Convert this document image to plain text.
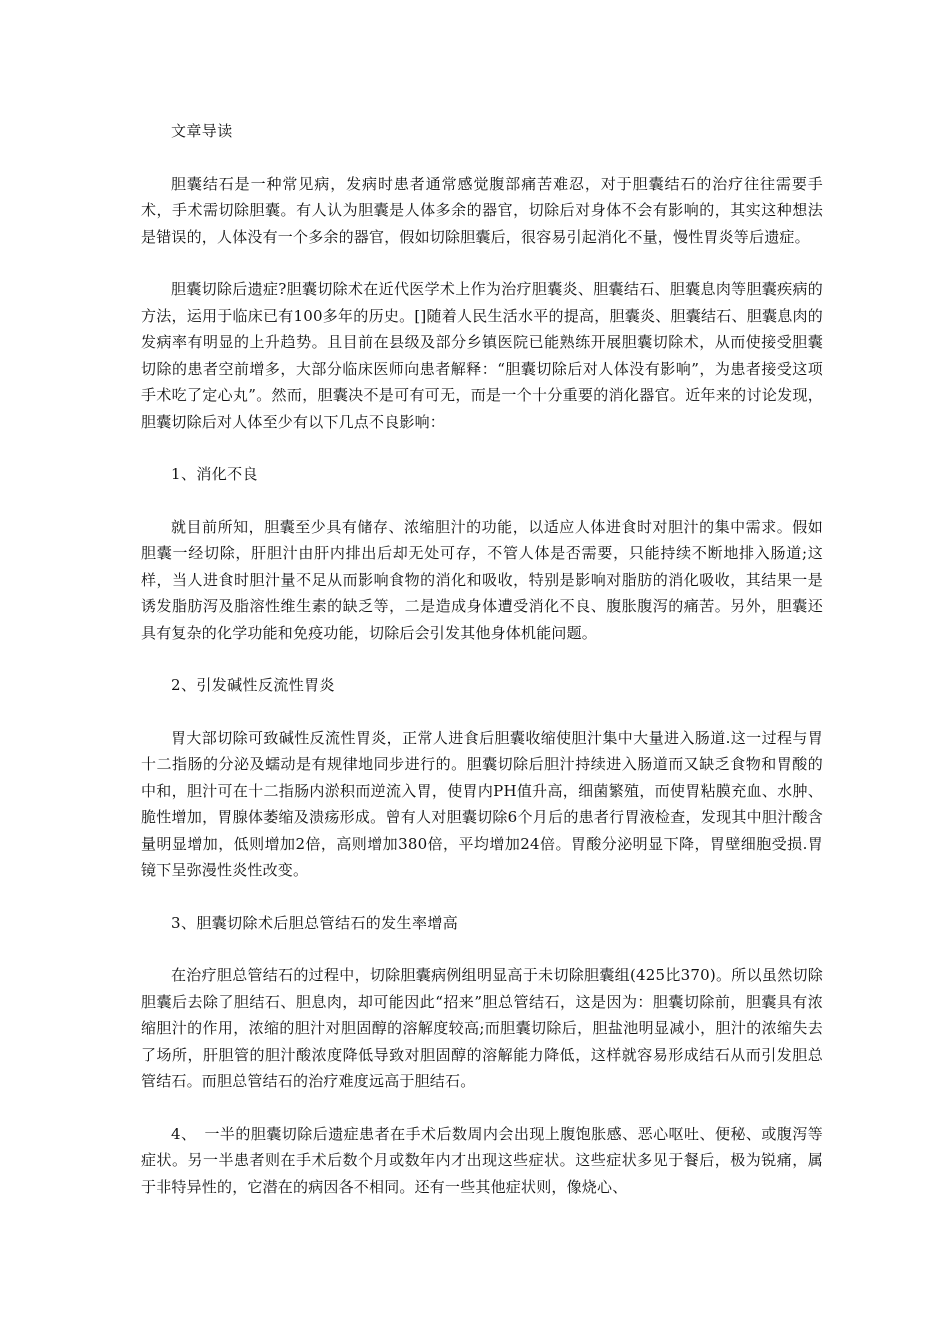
文章导读

胆囊结石是一种常见病，发病时患者通常感觉腹部痛苦难忍，对于胆囊结石的治疗往往需要手术，手术需切除胆囊。有人认为胆囊是人体多余的器官，切除后对身体不会有影响的，其实这种想法是错误的，人体没有一个多余的器官，假如切除胆囊后，很容易引起消化不量，慢性胃炎等后遗症。

胆囊切除后遗症?胆囊切除术在近代医学术上作为治疗胆囊炎、胆囊结石、胆囊息肉等胆囊疾病的方法，运用于临床已有100多年的历史。[]随着人民生活水平的提高，胆囊炎、胆囊结石、胆囊息肉的发病率有明显的上升趋势。且目前在县级及部分乡镇医院已能熟练开展胆囊切除术，从而使接受胆囊切除的患者空前增多，大部分临床医师向患者解释：“胆囊切除后对人体没有影响”，为患者接受这项手术吃了定心丸”。然而，胆囊决不是可有可无，而是一个十分重要的消化器官。近年来的讨论发现，胆囊切除后对人体至少有以下几点不良影响：

1、消化不良

就目前所知，胆囊至少具有储存、浓缩胆汁的功能，以适应人体进食时对胆汁的集中需求。假如胆囊一经切除，肝胆汁由肝内排出后却无处可存，不管人体是否需要，只能持续不断地排入肠道;这样，当人进食时胆汁量不足从而影响食物的消化和吸收，特别是影响对脂肪的消化吸收，其结果一是诱发脂肪泻及脂溶性维生素的缺乏等，二是造成身体遭受消化不良、腹胀腹泻的痛苦。另外，胆囊还具有复杂的化学功能和免疫功能，切除后会引发其他身体机能问题。

2、引发碱性反流性胃炎

胃大部切除可致碱性反流性胃炎，正常人进食后胆囊收缩使胆汁集中大量进入肠道.这一过程与胃十二指肠的分泌及蠕动是有规律地同步进行的。胆囊切除后胆汁持续进入肠道而又缺乏食物和胃酸的中和，胆汁可在十二指肠内淤积而逆流入胃，使胃内PH值升高，细菌繁殖，而使胃粘膜充血、水肿、脆性增加，胃腺体萎缩及溃疡形成。曾有人对胆囊切除6个月后的患者行胃液检查，发现其中胆汁酸含量明显增加，低则增加2倍，高则增加380倍，平均增加24倍。胃酸分泌明显下降，胃壁细胞受损.胃镜下呈弥漫性炎性改变。

3、胆囊切除术后胆总管结石的发生率增高

在治疗胆总管结石的过程中，切除胆囊病例组明显高于未切除胆囊组(425比370)。所以虽然切除胆囊后去除了胆结石、胆息肉，却可能因此“招来”胆总管结石，这是因为：胆囊切除前，胆囊具有浓缩胆汁的作用，浓缩的胆汁对胆固醇的溶解度较高;而胆囊切除后，胆盐池明显减小，胆汁的浓缩失去了场所，肝胆管的胆汁酸浓度降低导致对胆固醇的溶解能力降低，这样就容易形成结石从而引发胆总管结石。而胆总管结石的治疗难度远高于胆结石。

4、　一半的胆囊切除后遗症患者在手术后数周内会出现上腹饱胀感、恶心呕吐、便秘、或腹泻等症状。另一半患者则在手术后数个月或数年内才出现这些症状。这些症状多见于餐后，极为锐痛，属于非特异性的，它潜在的病因各不相同。还有一些其他症状则，像烧心、
